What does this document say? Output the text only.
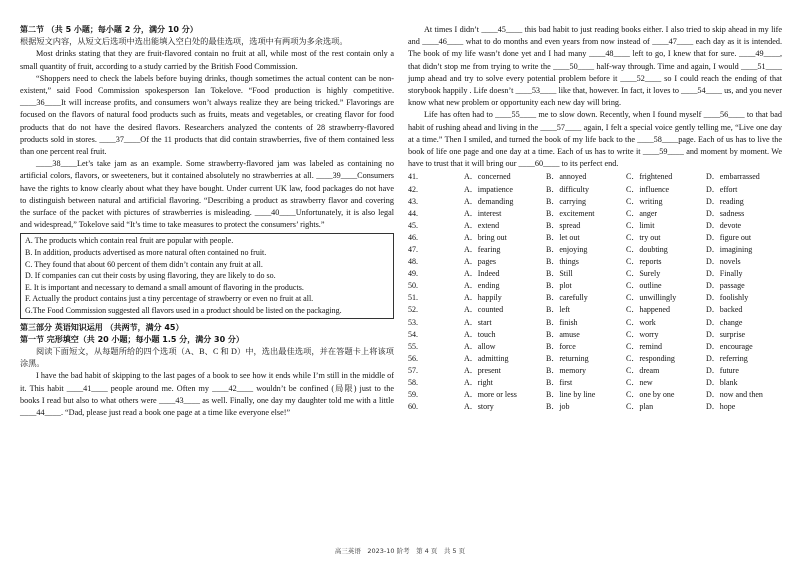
第二节 （共 5 小题；每小题 2 分，满分 10 分）

根据短文内容，从短文后选项中选出能填入空白处的最佳选项，选项中有两项为多余选项。

Most drinks stating that they are fruit-flavored contain no fruit at all, while most of the rest contain only a small quantity of fruit, according to a study carried by the British Food Commission.

“Shoppers need to check the labels before buying drinks, though sometimes the actual content can be non-existent,” said Food Commission spokesperson Ian Tokelove. “Food production is highly competitive. ____36____It will increase profits, and consumers won’t always realize they are being tricked.” Flavorings are focused on the flavors of natural food products such as fruits, meats and vegetables, or creating flavor for food products that do not have the desired flavors. Researchers analyzed the contents of 28 strawberry-flavored products sold in stores. ____37____Of the 11 products that did contain strawberries, five of them contained less than one percent real fruit.

____38____Let’s take jam as an example. Some strawberry-flavored jam was labeled as containing no artificial colors, flavors, or sweeteners, but it contained absolutely no strawberries at all. ____39____Consumers have the rights to know clearly about what they have bought. Under current UK law, food packages do not have to distinguish between natural and artificial flavoring. “Describing a product as strawberry flavor and covering the surface of the packet with pictures of strawberries is misleading. ____40____Unfortunately, it is also legal and widespread,” Tokelove said “It’s time to take measures to protect the consumers’ rights.”

A. The products which contain real fruit are popular with people.
B. In addition, products advertised as more natural often contained no fruit.
C. They found that about 60 percent of them didn’t contain any fruit at all.
D. If companies can cut their costs by using flavoring, they are likely to do so.
E. It is important and necessary to demand a small amount of flavoring in the products.
F. Actually the product contains just a tiny percentage of strawberry or even no fruit at all.
G.The Food Commission suggested all flavors used in a product should be listed on the packaging.

第三部分 英语知识运用 （共两节，满分 45）

第一节 完形填空（共 20 小题；每小题 1.5 分，满分 30 分）

阅读下面短文，从每题所给的四个选项（A、B、C 和 D）中，选出最佳选项，并在答题卡上将该项涂黑。

I have the bad habit of skipping to the last pages of a book to see how it ends while I’m still in the middle of it. This habit ____41____ people around me. Often my ____42____ wouldn’t be confined (局限) just to the books I read but also to what others were ____43____ as well. Finally, one day my daughter told me with a little ____44____. “Dad, please just read a book one page at a time like everyone else!”

At times I didn’t ____45____ this bad habit to just reading books either. I also tried to skip ahead in my life and ____46____ what to do months and even years from now instead of ____47____ each day as it is intended. The book of my life wasn’t done yet and I had many ____48____ left to go, I knew that for sure. ____49____, that didn’t stop me from trying to write the ____50____ half-way through. Time and again, I would ____51____ jump ahead and try to solve every potential problem before it ____52____ so I could reach the ending of that storybook happily . Life doesn’t ____53____ like that, however. In fact, it loves to ____54____ us, and you never know what new problem or opportunity each new day will bring.

Life has often had to ____55____ me to slow down. Recently, when I found myself ____56____ to that bad habit of rushing ahead and living in the ____57____ again, I felt a special voice gently telling me, “Live one day at a time.” Then I smiled, and turned the book of my life back to the ____58____page. Each of us has to live the book of life one page and one day at a time. Each of us has to write it ____59____ and moment by moment. We have to trust that it will bring our ____60____ to its perfect end.

41.	A．concerned	B．annoyed	C．frightened	D．embarrassed
42.	A．impatience	B．difficulty	C．influence	D．effort
43.	A．demanding	B．carrying	C．writing	D．reading
44.	A．interest	B．excitement	C．anger	D．sadness
45.	A．extend	B．spread	C．limit	D．devote
46.	A．bring out	B．let out	C．try out	D．figure out
47.	A．fearing	B．enjoying	C．doubting	D．imagining
48.	A．pages	B．things	C．reports	D．novels
49.	A．Indeed	B．Still	C．Surely	D．Finally
50.	A．ending	B．plot	C．outline	D．passage
51.	A．happily	B．carefully	C．unwillingly	D．foolishly
52.	A．counted	B．left	C．happened	D．backed
53.	A．start	B．finish	C．work	D．change
54.	A．touch	B．amuse	C．worry	D．surprise
55.	A．allow	B．force	C．remind	D．encourage
56.	A．admitting	B．returning	C．responding	D．referring
57.	A．present	B．memory	C．dream	D．future
58.	A．right	B．first	C．new	D．blank
59.	A．more or less	B．line by line	C．one by one	D．now and then
60.	A．story	B．job	C．plan	D．hope
高三英语　2023-10 阶考　第 4 页　共 5 页
